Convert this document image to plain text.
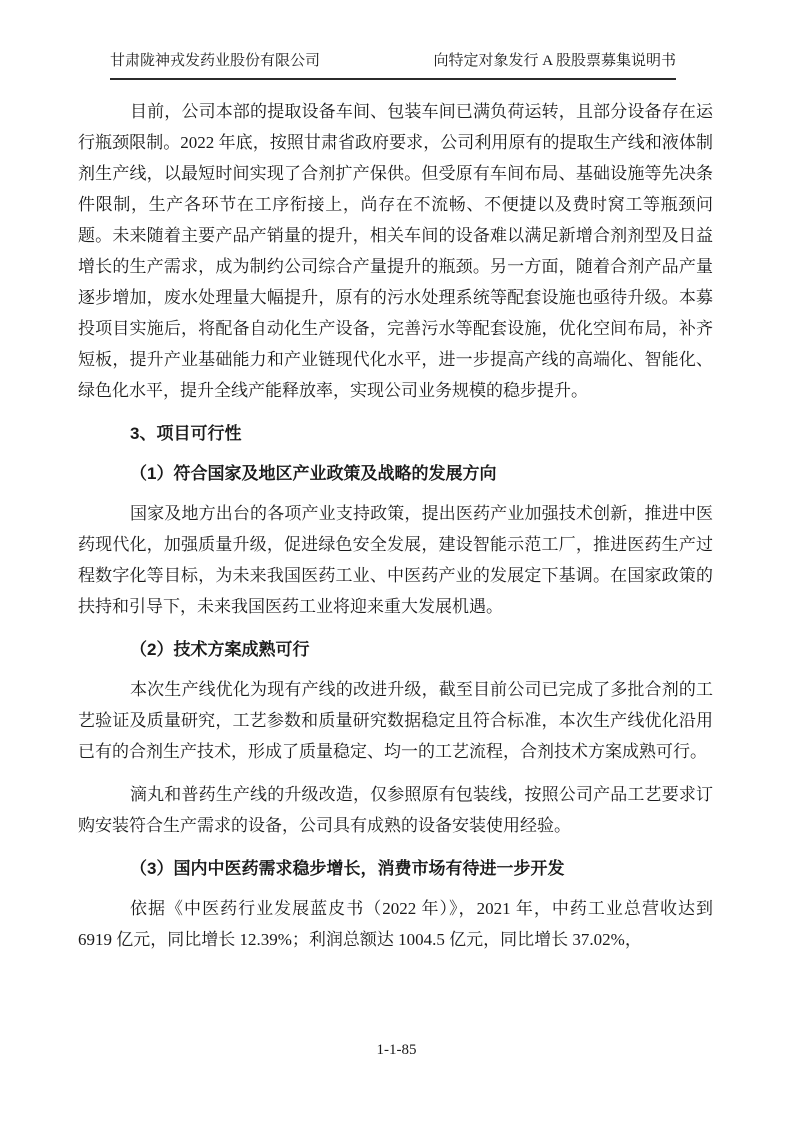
甘肃陇神戎发药业股份有限公司	向特定对象发行 A 股股票募集说明书

目前，公司本部的提取设备车间、包装车间已满负荷运转，且部分设备存在运行瓶颈限制。2022 年底，按照甘肃省政府要求，公司利用原有的提取生产线和液体制剂生产线，以最短时间实现了合剂扩产保供。但受原有车间布局、基础设施等先决条件限制，生产各环节在工序衔接上，尚存在不流畅、不便捷以及费时窝工等瓶颈问题。未来随着主要产品产销量的提升，相关车间的设备难以满足新增合剂剂型及日益增长的生产需求，成为制约公司综合产量提升的瓶颈。另一方面，随着合剂产品产量逐步增加，废水处理量大幅提升，原有的污水处理系统等配套设施也亟待升级。本募投项目实施后，将配备自动化生产设备，完善污水等配套设施，优化空间布局，补齐短板，提升产业基础能力和产业链现代化水平，进一步提高产线的高端化、智能化、绿色化水平，提升全线产能释放率，实现公司业务规模的稳步提升。

3、项目可行性

（1）符合国家及地区产业政策及战略的发展方向

国家及地方出台的各项产业支持政策，提出医药产业加强技术创新，推进中医药现代化，加强质量升级，促进绿色安全发展，建设智能示范工厂，推进医药生产过程数字化等目标，为未来我国医药工业、中医药产业的发展定下基调。在国家政策的扶持和引导下，未来我国医药工业将迎来重大发展机遇。

（2）技术方案成熟可行

本次生产线优化为现有产线的改进升级，截至目前公司已完成了多批合剂的工艺验证及质量研究，工艺参数和质量研究数据稳定且符合标准，本次生产线优化沿用已有的合剂生产技术，形成了质量稳定、均一的工艺流程，合剂技术方案成熟可行。

滴丸和普药生产线的升级改造，仅参照原有包装线，按照公司产品工艺要求订购安装符合生产需求的设备，公司具有成熟的设备安装使用经验。

（3）国内中医药需求稳步增长，消费市场有待进一步开发

依据《中医药行业发展蓝皮书（2022 年）》，2021 年，中药工业总营收达到 6919 亿元，同比增长 12.39%；利润总额达 1004.5 亿元，同比增长 37.02%，

1-1-85
